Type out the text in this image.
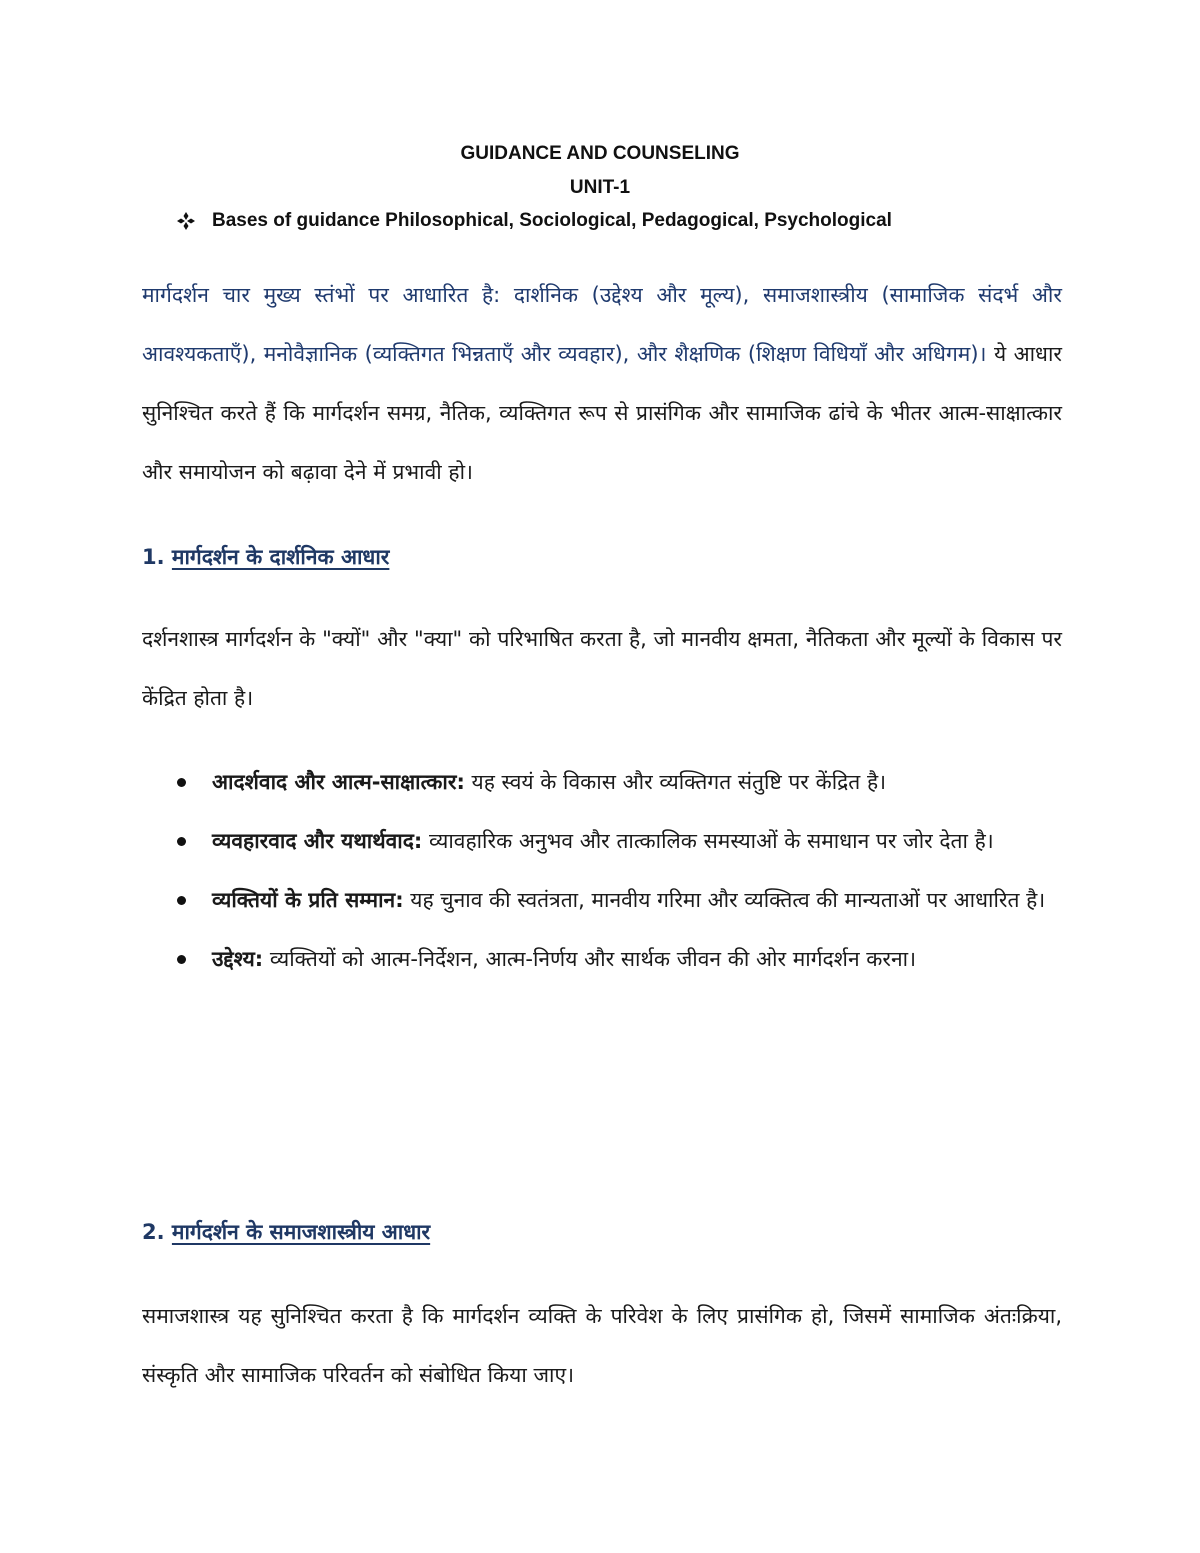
GUIDANCE AND COUNSELING
UNIT-1
Bases of guidance Philosophical, Sociological, Pedagogical, Psychological
मार्गदर्शन चार मुख्य स्तंभों पर आधारित है: दार्शनिक (उद्देश्य और मूल्य), समाजशास्त्रीय (सामाजिक संदर्भ और आवश्यकताएँ), मनोवैज्ञानिक (व्यक्तिगत भिन्नताएँ और व्यवहार), और शैक्षणिक (शिक्षण विधियाँ और अधिगम)। ये आधार सुनिश्चित करते हैं कि मार्गदर्शन समग्र, नैतिक, व्यक्तिगत रूप से प्रासंगिक और सामाजिक ढांचे के भीतर आत्म-साक्षात्कार और समायोजन को बढ़ावा देने में प्रभावी हो।
1. मार्गदर्शन के दार्शनिक आधार
दर्शनशास्त्र मार्गदर्शन के "क्यों" और "क्या" को परिभाषित करता है, जो मानवीय क्षमता, नैतिकता और मूल्यों के विकास पर केंद्रित होता है।
आदर्शवाद और आत्म-साक्षात्कार: यह स्वयं के विकास और व्यक्तिगत संतुष्टि पर केंद्रित है।
व्यवहारवाद और यथार्थवाद: व्यावहारिक अनुभव और तात्कालिक समस्याओं के समाधान पर जोर देता है।
व्यक्तियों के प्रति सम्मान: यह चुनाव की स्वतंत्रता, मानवीय गरिमा और व्यक्तित्व की मान्यताओं पर आधारित है।
उद्देश्य: व्यक्तियों को आत्म-निर्देशन, आत्म-निर्णय और सार्थक जीवन की ओर मार्गदर्शन करना।
2. मार्गदर्शन के समाजशास्त्रीय आधार
समाजशास्त्र यह सुनिश्चित करता है कि मार्गदर्शन व्यक्ति के परिवेश के लिए प्रासंगिक हो, जिसमें सामाजिक अंतःक्रिया, संस्कृति और सामाजिक परिवर्तन को संबोधित किया जाए।
